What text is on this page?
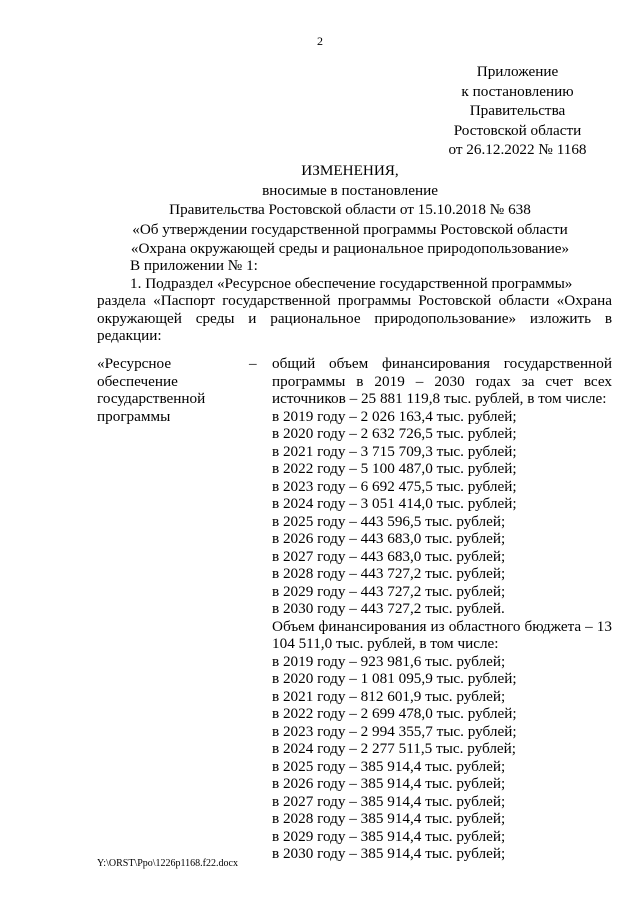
2
Приложение
к постановлению
Правительства
Ростовской области
от 26.12.2022 № 1168
ИЗМЕНЕНИЯ,
вносимые в постановление
Правительства Ростовской области от 15.10.2018 № 638
«Об утверждении государственной программы Ростовской области
«Охрана окружающей среды и рациональное природопользование»
В приложении № 1:
1. Подраздел «Ресурсное обеспечение государственной программы»
раздела «Паспорт государственной программы Ростовской области «Охрана окружающей среды и рациональное природопользование» изложить в редакции:
«Ресурсное
обеспечение
государственной
программы
– общий объем финансирования государственной программы в 2019 – 2030 годах за счет всех источников – 25 881 119,8 тыс. рублей, в том числе:
в 2019 году – 2 026 163,4 тыс. рублей;
в 2020 году – 2 632 726,5 тыс. рублей;
в 2021 году – 3 715 709,3 тыс. рублей;
в 2022 году – 5 100 487,0 тыс. рублей;
в 2023 году – 6 692 475,5 тыс. рублей;
в 2024 году – 3 051 414,0 тыс. рублей;
в 2025 году – 443 596,5 тыс. рублей;
в 2026 году – 443 683,0 тыс. рублей;
в 2027 году – 443 683,0 тыс. рублей;
в 2028 году – 443 727,2 тыс. рублей;
в 2029 году – 443 727,2 тыс. рублей;
в 2030 году – 443 727,2 тыс. рублей.
Объем финансирования из областного бюджета – 13 104 511,0 тыс. рублей, в том числе:
в 2019 году – 923 981,6 тыс. рублей;
в 2020 году – 1 081 095,9 тыс. рублей;
в 2021 году – 812 601,9 тыс. рублей;
в 2022 году – 2 699 478,0 тыс. рублей;
в 2023 году – 2 994 355,7 тыс. рублей;
в 2024 году – 2 277 511,5 тыс. рублей;
в 2025 году – 385 914,4 тыс. рублей;
в 2026 году – 385 914,4 тыс. рублей;
в 2027 году – 385 914,4 тыс. рублей;
в 2028 году – 385 914,4 тыс. рублей;
в 2029 году – 385 914,4 тыс. рублей;
в 2030 году – 385 914,4 тыс. рублей;
Y:\ORST\Ppo\1226p1168.f22.docx
